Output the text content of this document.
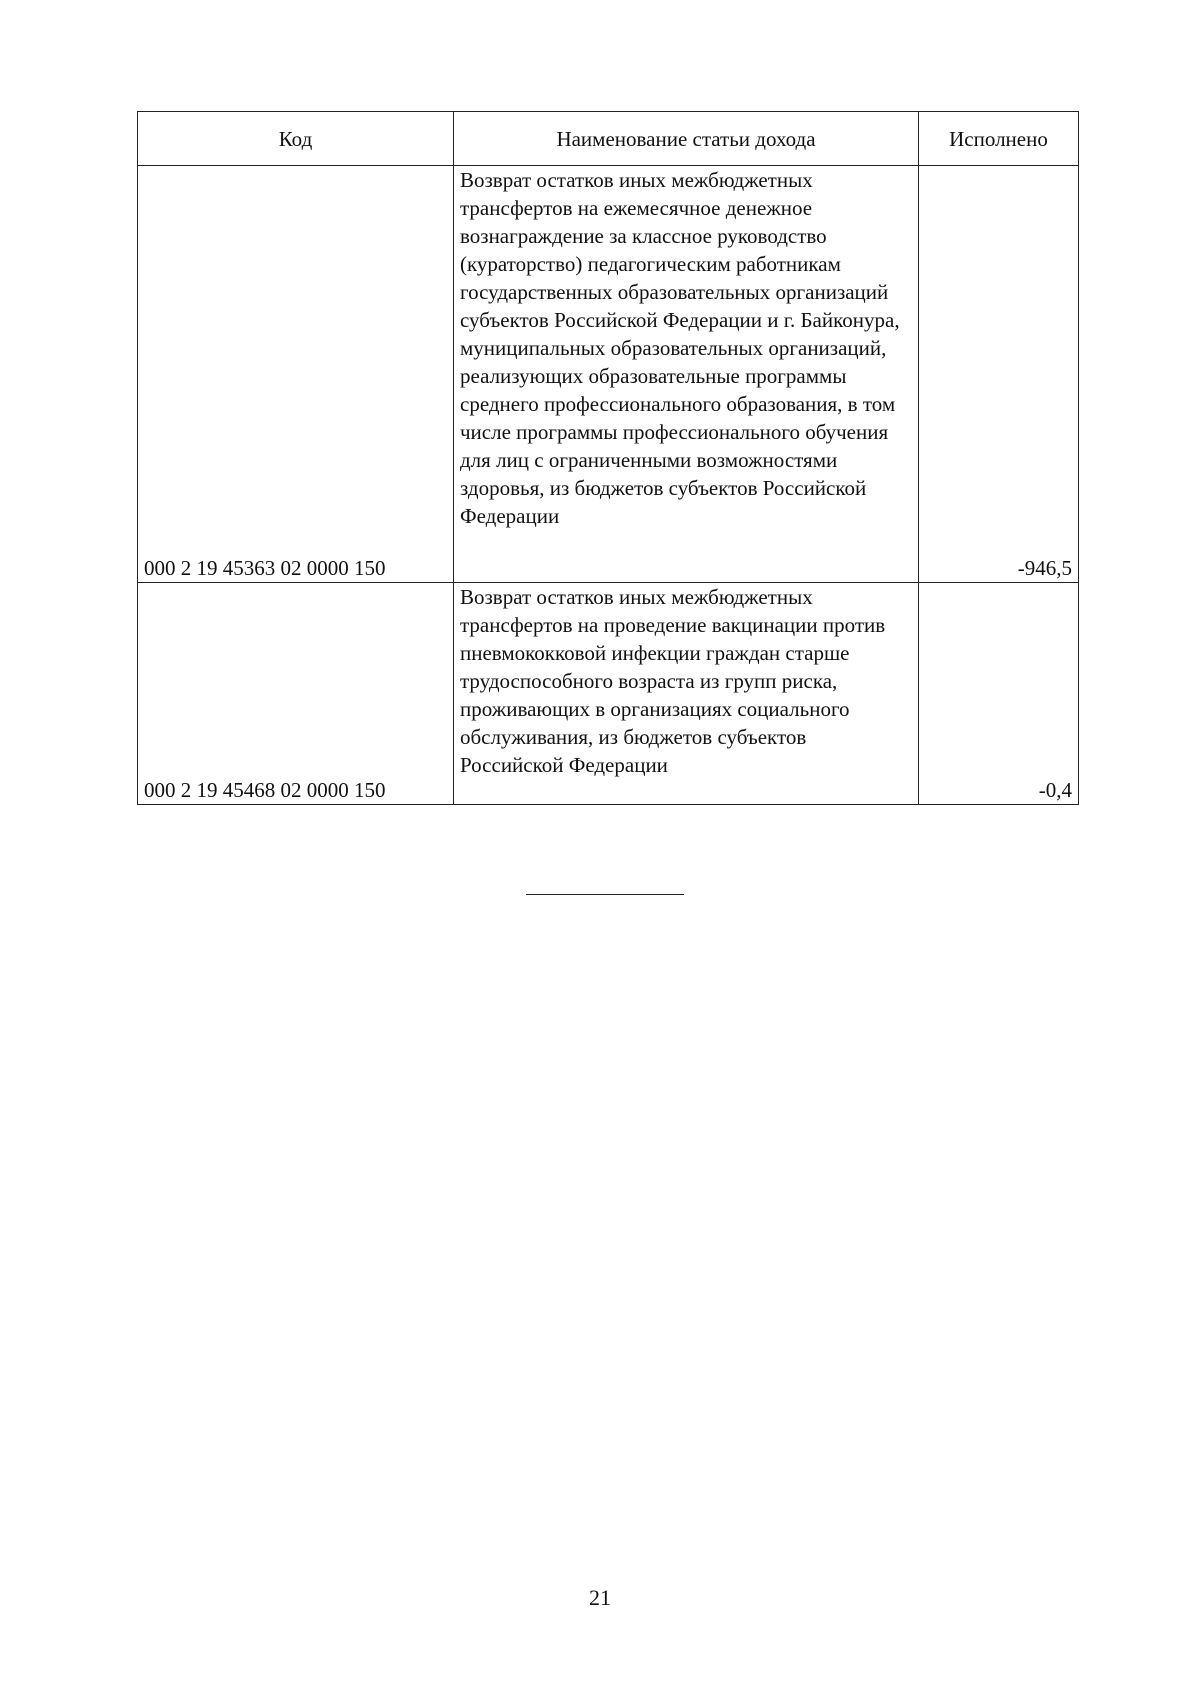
Код	Наименование статьи дохода	Исполнено
000 2 19 45363 02 0000 150	Возврат остатков иных межбюджетных трансфертов на ежемесячное денежное вознаграждение за классное руководство (кураторство) педагогическим работникам государственных образовательных организаций субъектов Российской Федерации и г. Байконура, муниципальных образовательных организаций, реализующих образовательные программы среднего профессионального образования, в том числе программы профессионального обучения для лиц с ограниченными возможностями здоровья, из бюджетов субъектов Российской Федерации	-946,5
000 2 19 45468 02 0000 150	Возврат остатков иных межбюджетных трансфертов на проведение вакцинации против пневмококковой инфекции граждан старше трудоспособного возраста из групп риска, проживающих в организациях социального обслуживания, из бюджетов субъектов Российской Федерации	-0,4
21
